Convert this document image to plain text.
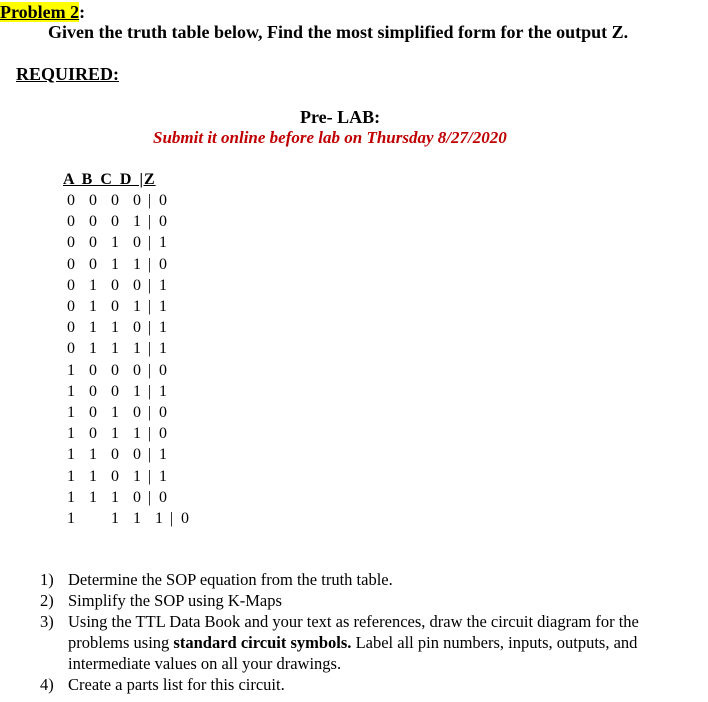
Problem 2:
Given the truth table below, Find the most simplified form for the output Z.
REQUIRED:
Pre- LAB:
Submit it online before lab on Thursday 8/27/2020
A B C D |Z
0 0 0 0 | 0
0 0 0 1 | 0
0 0 1 0 | 1
0 0 1 1 | 0
0 1 0 0 | 1
0 1 0 1 | 1
0 1 1 0 | 1
0 1 1 1 | 1
1 0 0 0 | 0
1 0 0 1 | 1
1 0 1 0 | 0
1 0 1 1 | 0
1 1 0 0 | 1
1 1 0 1 | 1
1 1 1 0 | 0
1 1 1 1 | 0
1) Determine the SOP equation from the truth table.
2) Simplify the SOP using K-Maps
3) Using the TTL Data Book and your text as references, draw the circuit diagram for the problems using standard circuit symbols. Label all pin numbers, inputs, outputs, and intermediate values on all your drawings.
4) Create a parts list for this circuit.
